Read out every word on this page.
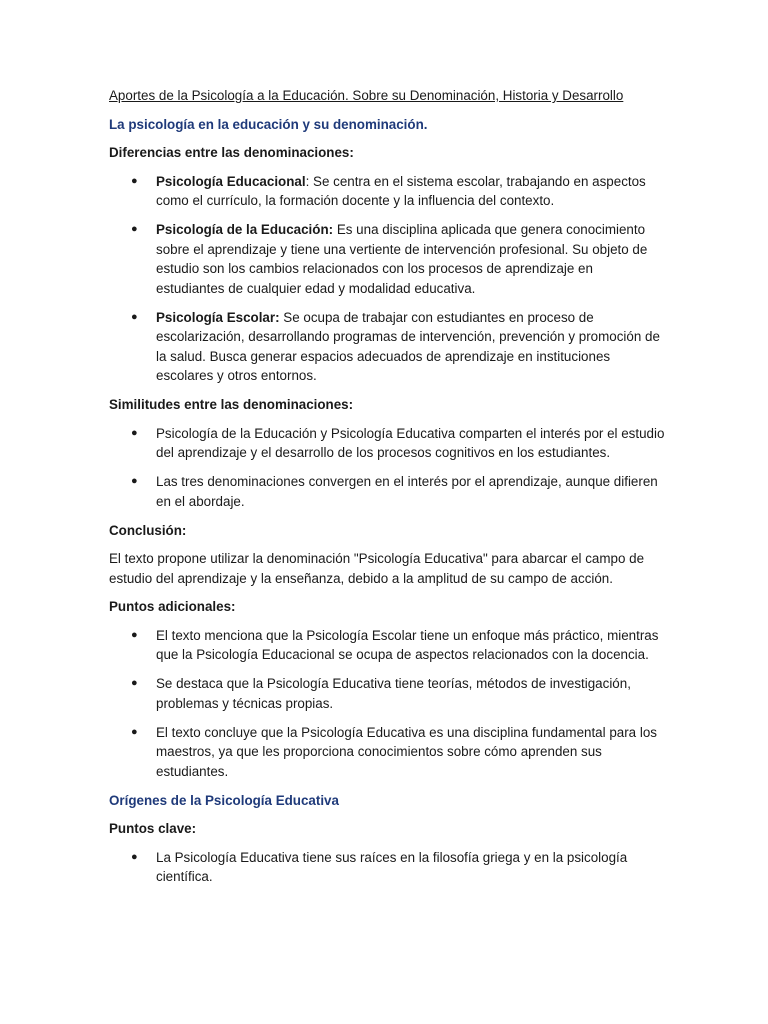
Aportes de la Psicología a la Educación. Sobre su Denominación, Historia y Desarrollo

La psicología en la educación y su denominación.

Diferencias entre las denominaciones:

● Psicología Educacional: Se centra en el sistema escolar, trabajando en aspectos como el currículo, la formación docente y la influencia del contexto.
● Psicología de la Educación: Es una disciplina aplicada que genera conocimiento sobre el aprendizaje y tiene una vertiente de intervención profesional. Su objeto de estudio son los cambios relacionados con los procesos de aprendizaje en estudiantes de cualquier edad y modalidad educativa.
● Psicología Escolar: Se ocupa de trabajar con estudiantes en proceso de escolarización, desarrollando programas de intervención, prevención y promoción de la salud. Busca generar espacios adecuados de aprendizaje en instituciones escolares y otros entornos.

Similitudes entre las denominaciones:

● Psicología de la Educación y Psicología Educativa comparten el interés por el estudio del aprendizaje y el desarrollo de los procesos cognitivos en los estudiantes.
● Las tres denominaciones convergen en el interés por el aprendizaje, aunque difieren en el abordaje.

Conclusión:

El texto propone utilizar la denominación "Psicología Educativa" para abarcar el campo de estudio del aprendizaje y la enseñanza, debido a la amplitud de su campo de acción.

Puntos adicionales:

● El texto menciona que la Psicología Escolar tiene un enfoque más práctico, mientras que la Psicología Educacional se ocupa de aspectos relacionados con la docencia.
● Se destaca que la Psicología Educativa tiene teorías, métodos de investigación, problemas y técnicas propias.
● El texto concluye que la Psicología Educativa es una disciplina fundamental para los maestros, ya que les proporciona conocimientos sobre cómo aprenden sus estudiantes.

Orígenes de la Psicología Educativa

Puntos clave:

● La Psicología Educativa tiene sus raíces en la filosofía griega y en la psicología científica.
